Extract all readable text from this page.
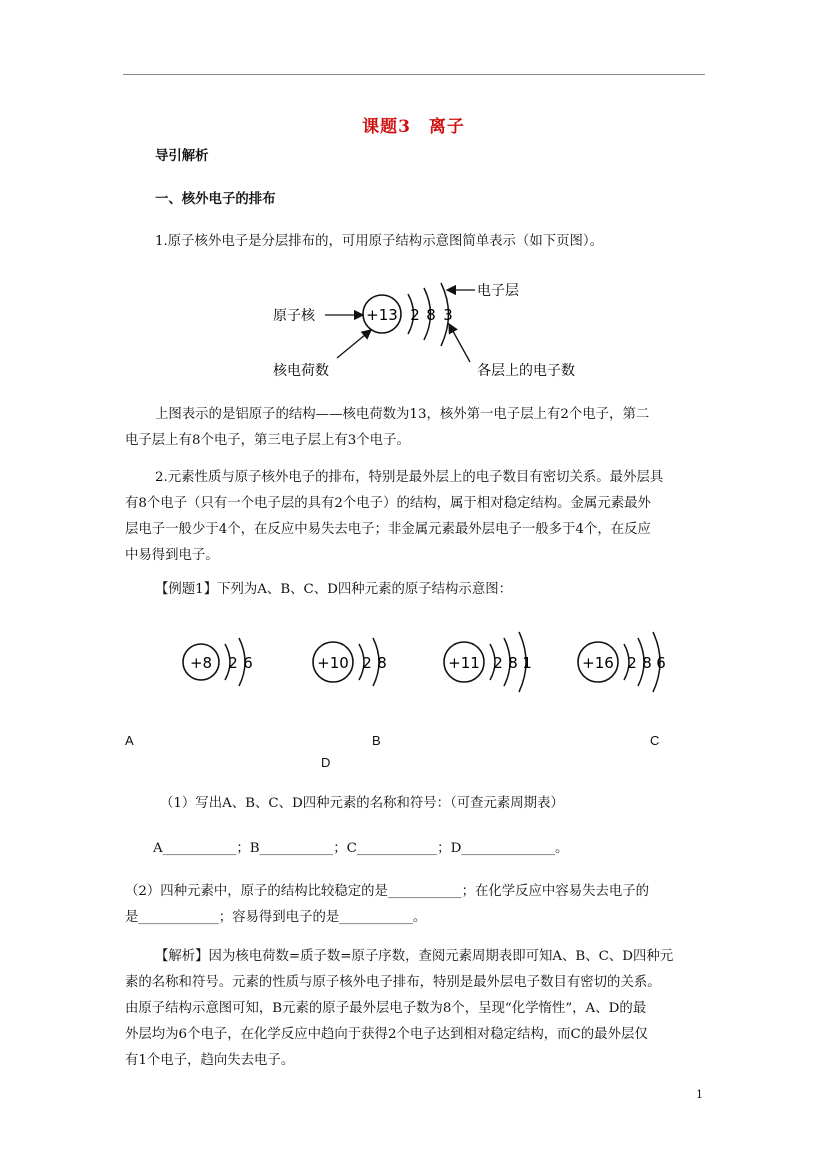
课题3　离子
导引解析
一、核外电子的排布
1.原子核外电子是分层排布的，可用原子结构示意图简单表示（如下页图）。
原子核	+13 2 8 3
电子层
核电荷数	各层上的电子数
上图表示的是铝原子的结构——核电荷数为13，核外第一电子层上有2个电子，第二
电子层上有8个电子，第三电子层上有3个电子。
2.元素性质与原子核外电子的排布，特别是最外层上的电子数目有密切关系。最外层具
有8个电子（只有一个电子层的具有2个电子）的结构，属于相对稳定结构。金属元素最外
层电子一般少于4个，在反应中易失去电子；非金属元素最外层电子一般多于4个，在反应
中易得到电子。
【例题1】下列为A、B、C、D四种元素的原子结构示意图：
+8 2 6	+10 2 8	+11 2 8 1	+16 2 8 6
A	B	C
D
（1）写出A、B、C、D四种元素的名称和符号：（可查元素周期表）
A___________；B___________；C____________；D______________。
（2）四种元素中，原子的结构比较稳定的是___________；在化学反应中容易失去电子的
是____________；容易得到电子的是___________。
【解析】因为核电荷数=质子数=原子序数，查阅元素周期表即可知A、B、C、D四种元
素的名称和符号。元素的性质与原子核外电子排布，特别是最外层电子数目有密切的关系。
由原子结构示意图可知，B元素的原子最外层电子数为8个，呈现“化学惰性”，A、D的最
外层均为6个电子，在化学反应中趋向于获得2个电子达到相对稳定结构，而C的最外层仅
有1个电子，趋向失去电子。
1
